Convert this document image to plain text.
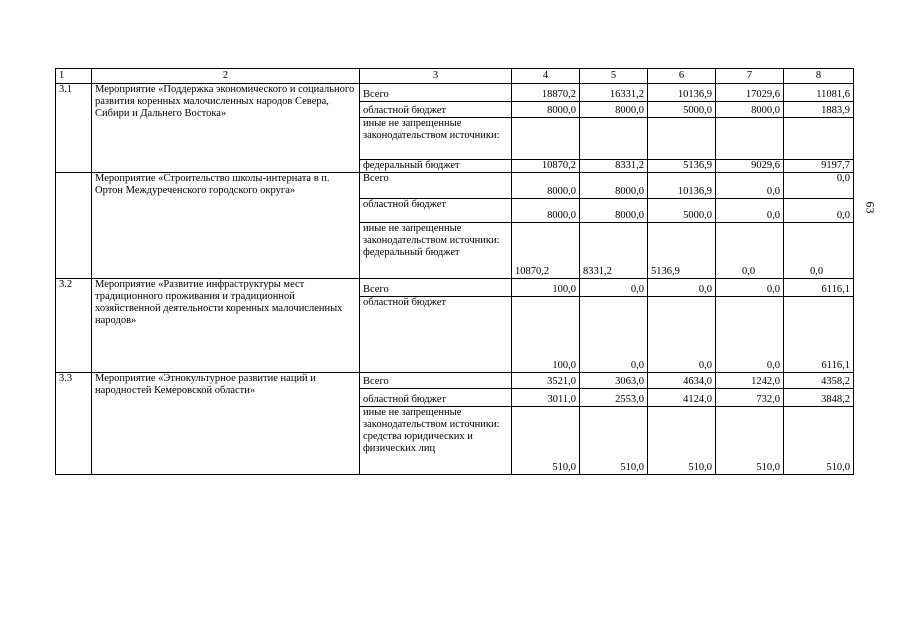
1	2	3	4	5	6	7	8
3.1	Мероприятие «Поддержка экономического и социального развития коренных малочисленных народов Севера, Сибири и Дальнего Востока»	Всего	18870,2	16331,2	10136,9	17029,6	11081,6
		областной бюджет	8000,0	8000,0	5000,0	8000,0	1883,9
		иные не запрещенные законодательством источники:					
		федеральный бюджет	10870,2	8331,2	5136,9	9029,6	9197,7
	Мероприятие «Строительство школы-интерната в п. Ортон Междуреченского городского округа»	Всего	8000,0	8000,0	10136,9	0,0	0,0
		областной бюджет	8000,0	8000,0	5000,0	0,0	0,0
		иные не запрещенные законодательством источники: федеральный бюджет	10870,2	8331,2	5136,9	0,0	0,0
3.2	Мероприятие «Развитие инфраструктуры мест традиционного проживания и традиционной хозяйственной деятельности коренных малочисленных народов»	Всего	100,0	0,0	0,0	0,0	6116,1
		областной бюджет	100,0	0,0	0,0	0,0	6116,1
3.3	Мероприятие «Этнокультурное развитие наций и народностей Кемеровской области»	Всего	3521,0	3063,0	4634,0	1242,0	4358,2
		областной бюджет	3011,0	2553,0	4124,0	732,0	3848,2
		иные не запрещенные законодательством источники: средства юридических и физических лиц	510,0	510,0	510,0	510,0	510,0
63
